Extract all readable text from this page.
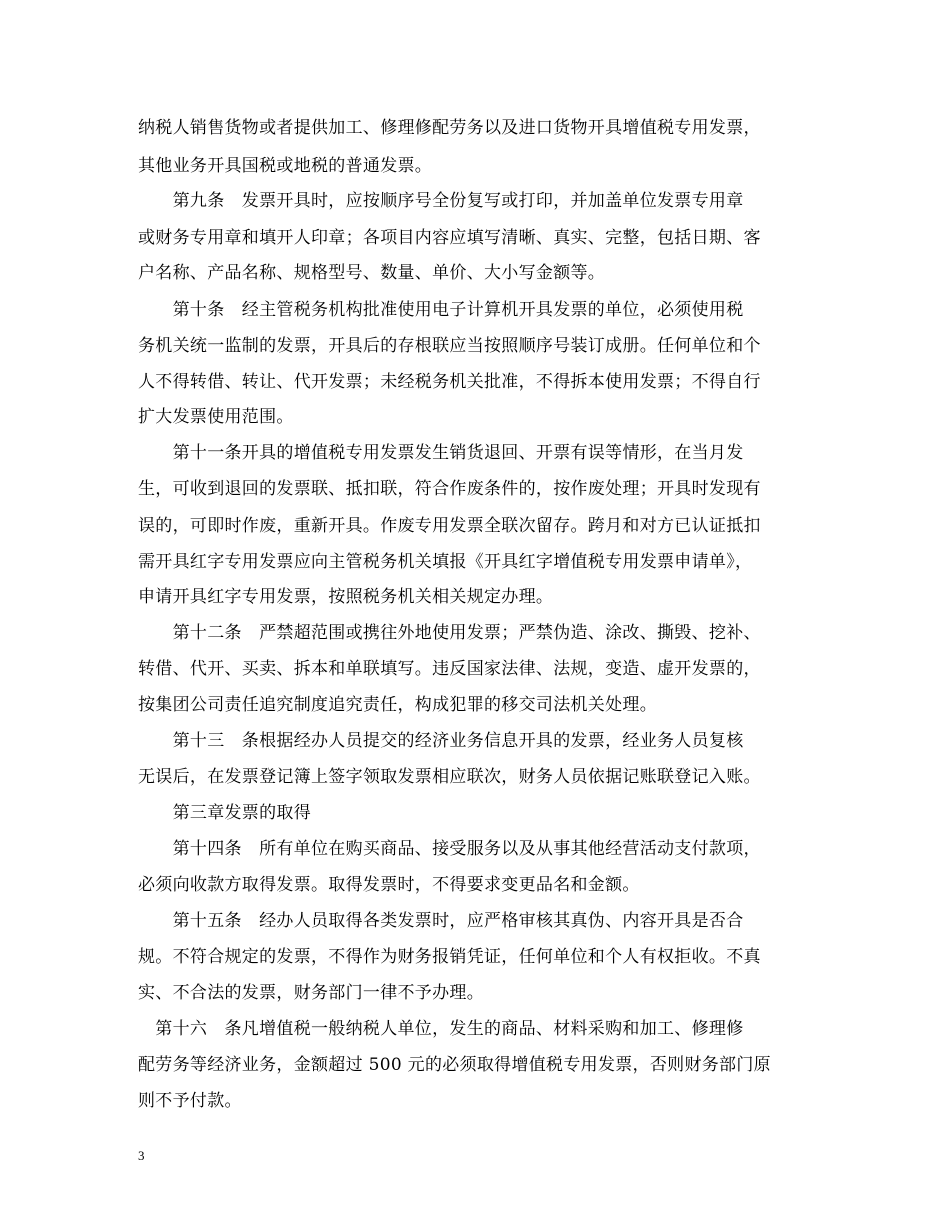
纳税人销售货物或者提供加工、修理修配劳务以及进口货物开具增值税专用发票，
其他业务开具国税或地税的普通发票。
　　第九条　发票开具时，应按顺序号全份复写或打印，并加盖单位发票专用章
或财务专用章和填开人印章；各项目内容应填写清晰、真实、完整，包括日期、客
户名称、产品名称、规格型号、数量、单价、大小写金额等。
　　第十条　经主管税务机构批准使用电子计算机开具发票的单位，必须使用税
务机关统一监制的发票，开具后的存根联应当按照顺序号装订成册。任何单位和个
人不得转借、转让、代开发票；未经税务机关批准，不得拆本使用发票；不得自行
扩大发票使用范围。
　　第十一条开具的增值税专用发票发生销货退回、开票有误等情形，在当月发
生，可收到退回的发票联、抵扣联，符合作废条件的，按作废处理；开具时发现有
误的，可即时作废，重新开具。作废专用发票全联次留存。跨月和对方已认证抵扣
需开具红字专用发票应向主管税务机关填报《开具红字增值税专用发票申请单》，
申请开具红字专用发票，按照税务机关相关规定办理。
　　第十二条　严禁超范围或携往外地使用发票；严禁伪造、涂改、撕毁、挖补、
转借、代开、买卖、拆本和单联填写。违反国家法律、法规，变造、虚开发票的，
按集团公司责任追究制度追究责任，构成犯罪的移交司法机关处理。
　　第十三　条根据经办人员提交的经济业务信息开具的发票，经业务人员复核
无误后，在发票登记簿上签字领取发票相应联次，财务人员依据记账联登记入账。
　　第三章发票的取得
　　第十四条　所有单位在购买商品、接受服务以及从事其他经营活动支付款项，
必须向收款方取得发票。取得发票时，不得要求变更品名和金额。
　　第十五条　经办人员取得各类发票时，应严格审核其真伪、内容开具是否合
规。不符合规定的发票，不得作为财务报销凭证，任何单位和个人有权拒收。不真
实、不合法的发票，财务部门一律不予办理。
　第十六　条凡增值税一般纳税人单位，发生的商品、材料采购和加工、修理修
配劳务等经济业务，金额超过 500 元的必须取得增值税专用发票，否则财务部门原
则不予付款。
3
